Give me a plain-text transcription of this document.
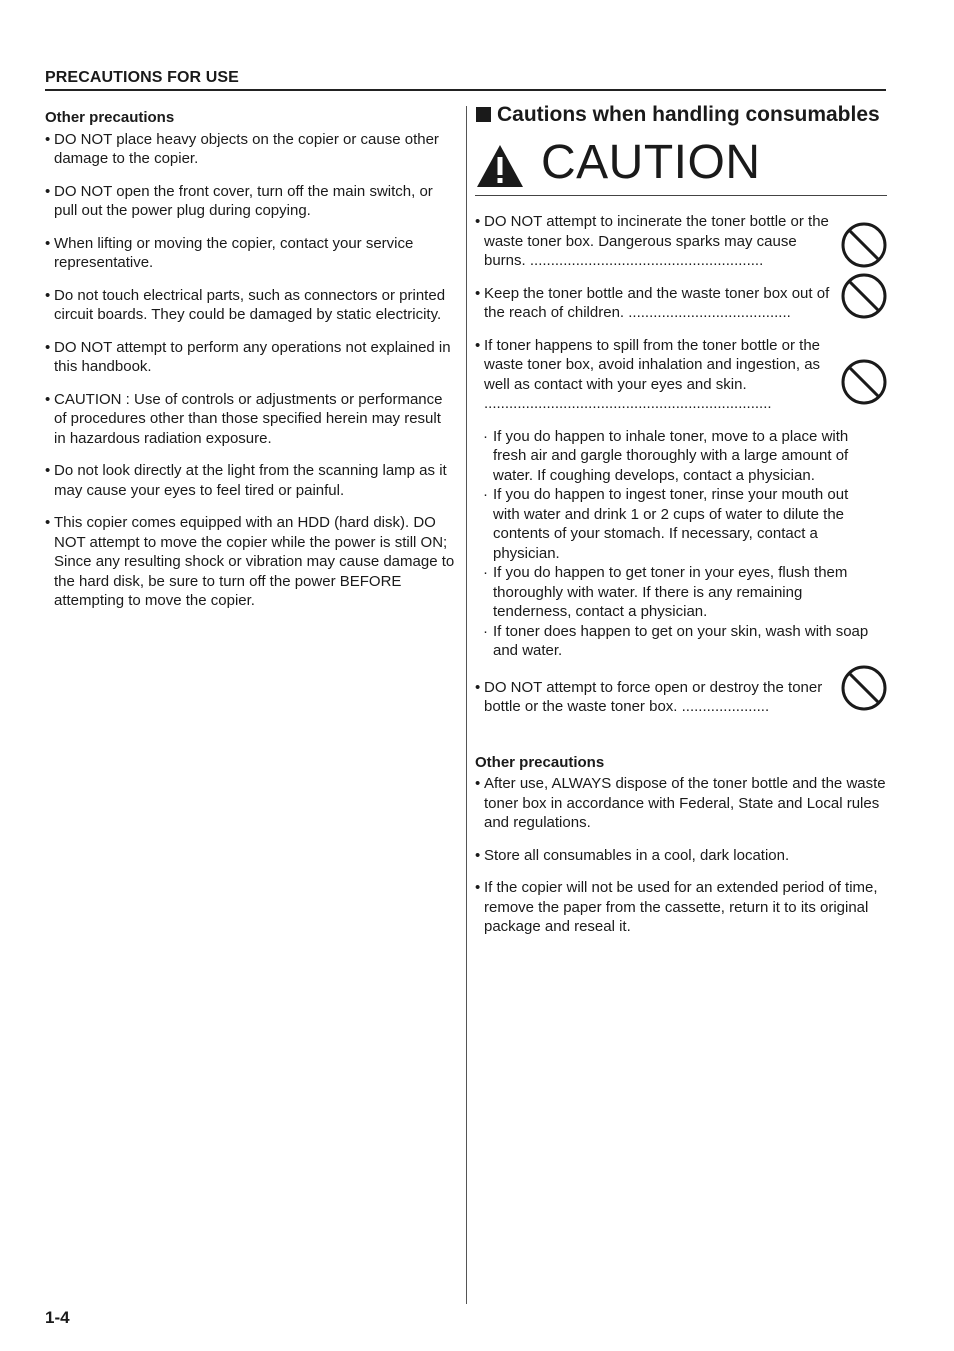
PRECAUTIONS FOR USE
Other precautions
• DO NOT place heavy objects on the copier or cause other damage to the copier.
• DO NOT open the front cover, turn off the main switch, or pull out the power plug during copying.
• When lifting or moving the copier, contact your service representative.
• Do not touch electrical parts, such as connectors or printed circuit boards. They could be damaged by static electricity.
• DO NOT attempt to perform any operations not explained in this handbook.
• CAUTION : Use of controls or adjustments or performance of procedures other than those specified herein may result in hazardous radiation exposure.
• Do not look directly at the light from the scanning lamp as it may cause your eyes to feel tired or painful.
• This copier comes equipped with an HDD (hard disk). DO NOT attempt to move the copier while the power is still ON; Since any resulting shock or vibration may cause damage to the hard disk, be sure to turn off the power BEFORE attempting to move the copier.
Cautions when handling consumables
CAUTION
• DO NOT attempt to incinerate the toner bottle or the waste toner box. Dangerous sparks may cause burns. ........................................................
• Keep the toner bottle and the waste toner box out of the reach of children. .......................................
• If toner happens to spill from the toner bottle or the waste toner box, avoid inhalation and ingestion, as well as contact with your eyes and skin. .....................................................................
· If you do happen to inhale toner, move to a place with fresh air and gargle thoroughly with a large amount of water. If coughing develops, contact a physician.
· If you do happen to ingest toner, rinse your mouth out with water and drink 1 or 2 cups of water to dilute the contents of your stomach. If necessary, contact a physician.
· If you do happen to get toner in your eyes, flush them thoroughly with water. If there is any remaining tenderness, contact a physician.
· If toner does happen to get on your skin, wash with soap and water.
• DO NOT attempt to force open or destroy the toner bottle or the waste toner box. .....................
Other precautions
• After use, ALWAYS dispose of the toner bottle and the waste toner box in accordance with Federal, State and Local rules and regulations.
• Store all consumables in a cool, dark location.
• If the copier will not be used for an extended period of time, remove the paper from the cassette, return it to its original package and reseal it.
1-4
